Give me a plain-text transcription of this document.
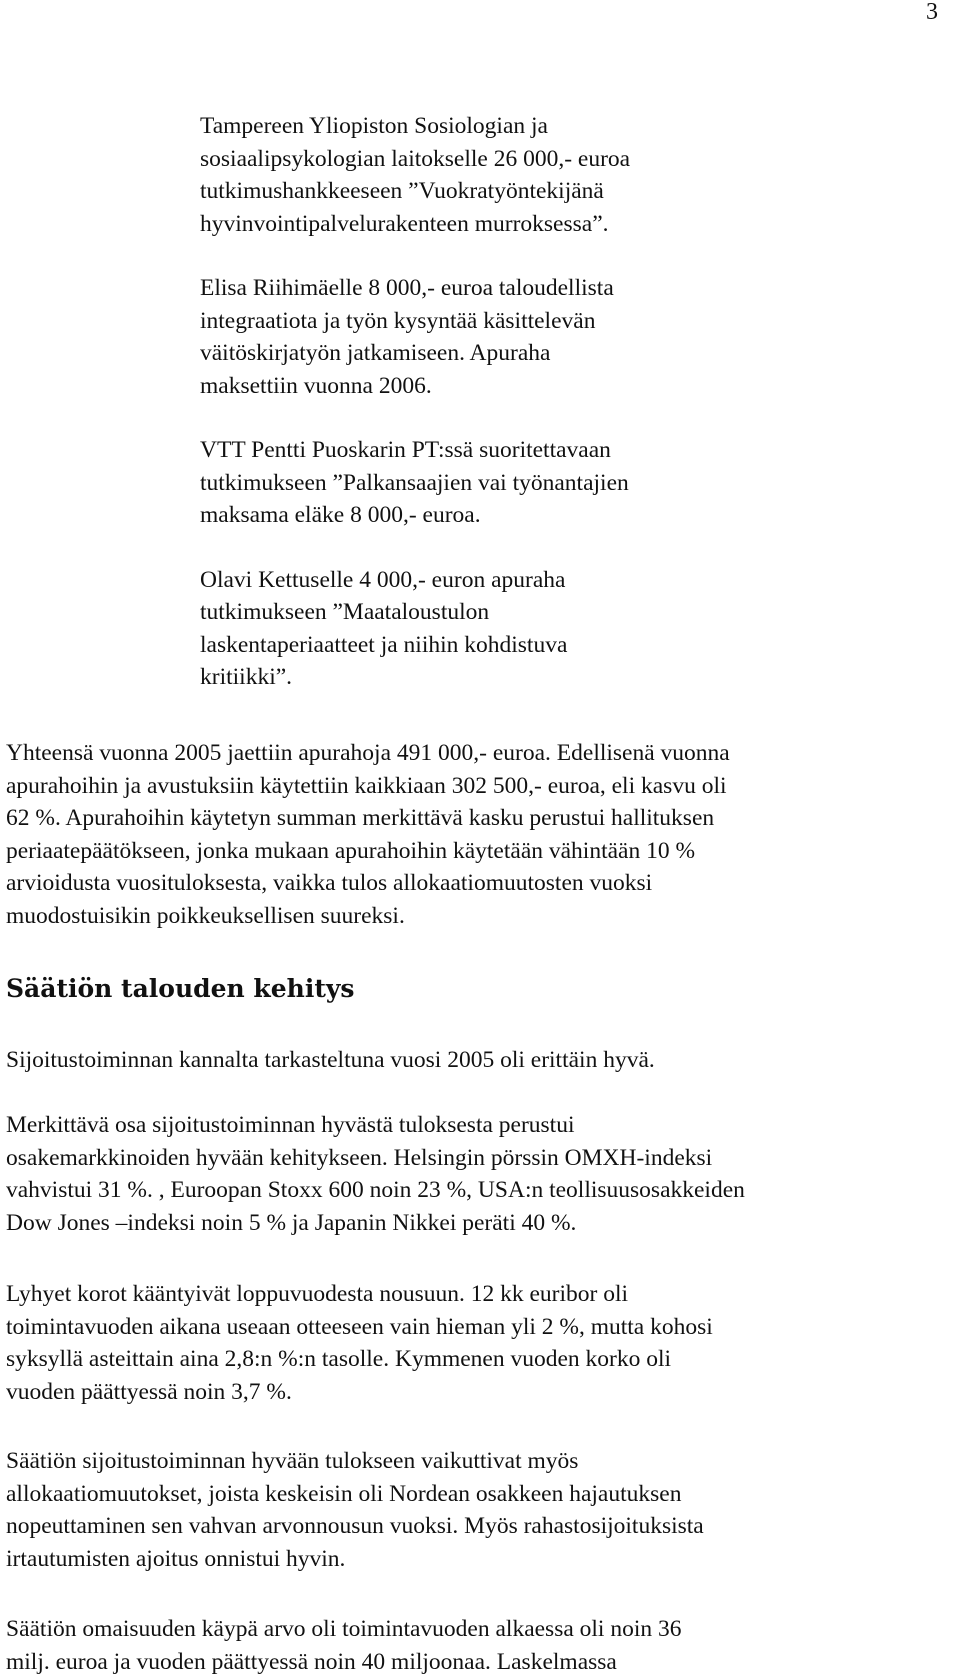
3

Tampereen Yliopiston Sosiologian ja
sosiaalipsykologian laitokselle 26 000,- euroa
tutkimushankkeeseen ”Vuokratyöntekijänä
hyvinvointipalvelurakenteen murroksessa”.

Elisa Riihimäelle 8 000,- euroa taloudellista
integraatiota ja työn kysyntää käsittelevän
väitöskirjatyön jatkamiseen. Apuraha
maksettiin vuonna 2006.

VTT Pentti Puoskarin PT:ssä suoritettavaan
tutkimukseen ”Palkansaajien vai työnantajien
maksama eläke 8 000,- euroa.

Olavi Kettuselle 4 000,- euron apuraha
tutkimukseen ”Maataloustulon
laskentaperiaatteet ja niihin kohdistuva
kritiikki”.

Yhteensä vuonna 2005 jaettiin apurahoja 491 000,- euroa. Edellisenä vuonna
apurahoihin ja avustuksiin käytettiin kaikkiaan 302 500,- euroa, eli kasvu oli
62 %. Apurahoihin käytetyn summan merkittävä kasku perustui hallituksen
periaatepäätökseen, jonka mukaan apurahoihin käytetään vähintään 10 %
arvioidusta vuosituloksesta, vaikka tulos allokaatiomuutosten vuoksi
muodostuisikin poikkeuksellisen suureksi.

Säätiön talouden kehitys

Sijoitustoiminnan kannalta tarkasteltuna vuosi 2005 oli erittäin hyvä.

Merkittävä osa sijoitustoiminnan hyvästä tuloksesta perustui
osakemarkkinoiden hyvään kehitykseen. Helsingin pörssin OMXH-indeksi
vahvistui 31 %. , Euroopan Stoxx 600 noin 23 %, USA:n teollisuusosakkeiden
Dow Jones –indeksi noin 5 % ja Japanin Nikkei peräti 40 %.

Lyhyet korot kääntyivät loppuvuodesta nousuun. 12 kk euribor oli
toimintavuoden aikana useaan otteeseen vain hieman yli 2 %, mutta kohosi
syksyllä asteittain aina 2,8:n %:n tasolle. Kymmenen vuoden korko oli
vuoden päättyessä noin 3,7 %.

Säätiön sijoitustoiminnan hyvään tulokseen vaikuttivat myös
allokaatiomuutokset, joista keskeisin oli Nordean osakkeen hajautuksen
nopeuttaminen sen vahvan arvonnousun vuoksi. Myös rahastosijoituksista
irtautumisten ajoitus onnistui hyvin.

Säätiön omaisuuden käypä arvo oli toimintavuoden alkaessa oli noin 36
milj. euroa ja vuoden päättyessä noin 40 miljoonaa. Laskelmassa
